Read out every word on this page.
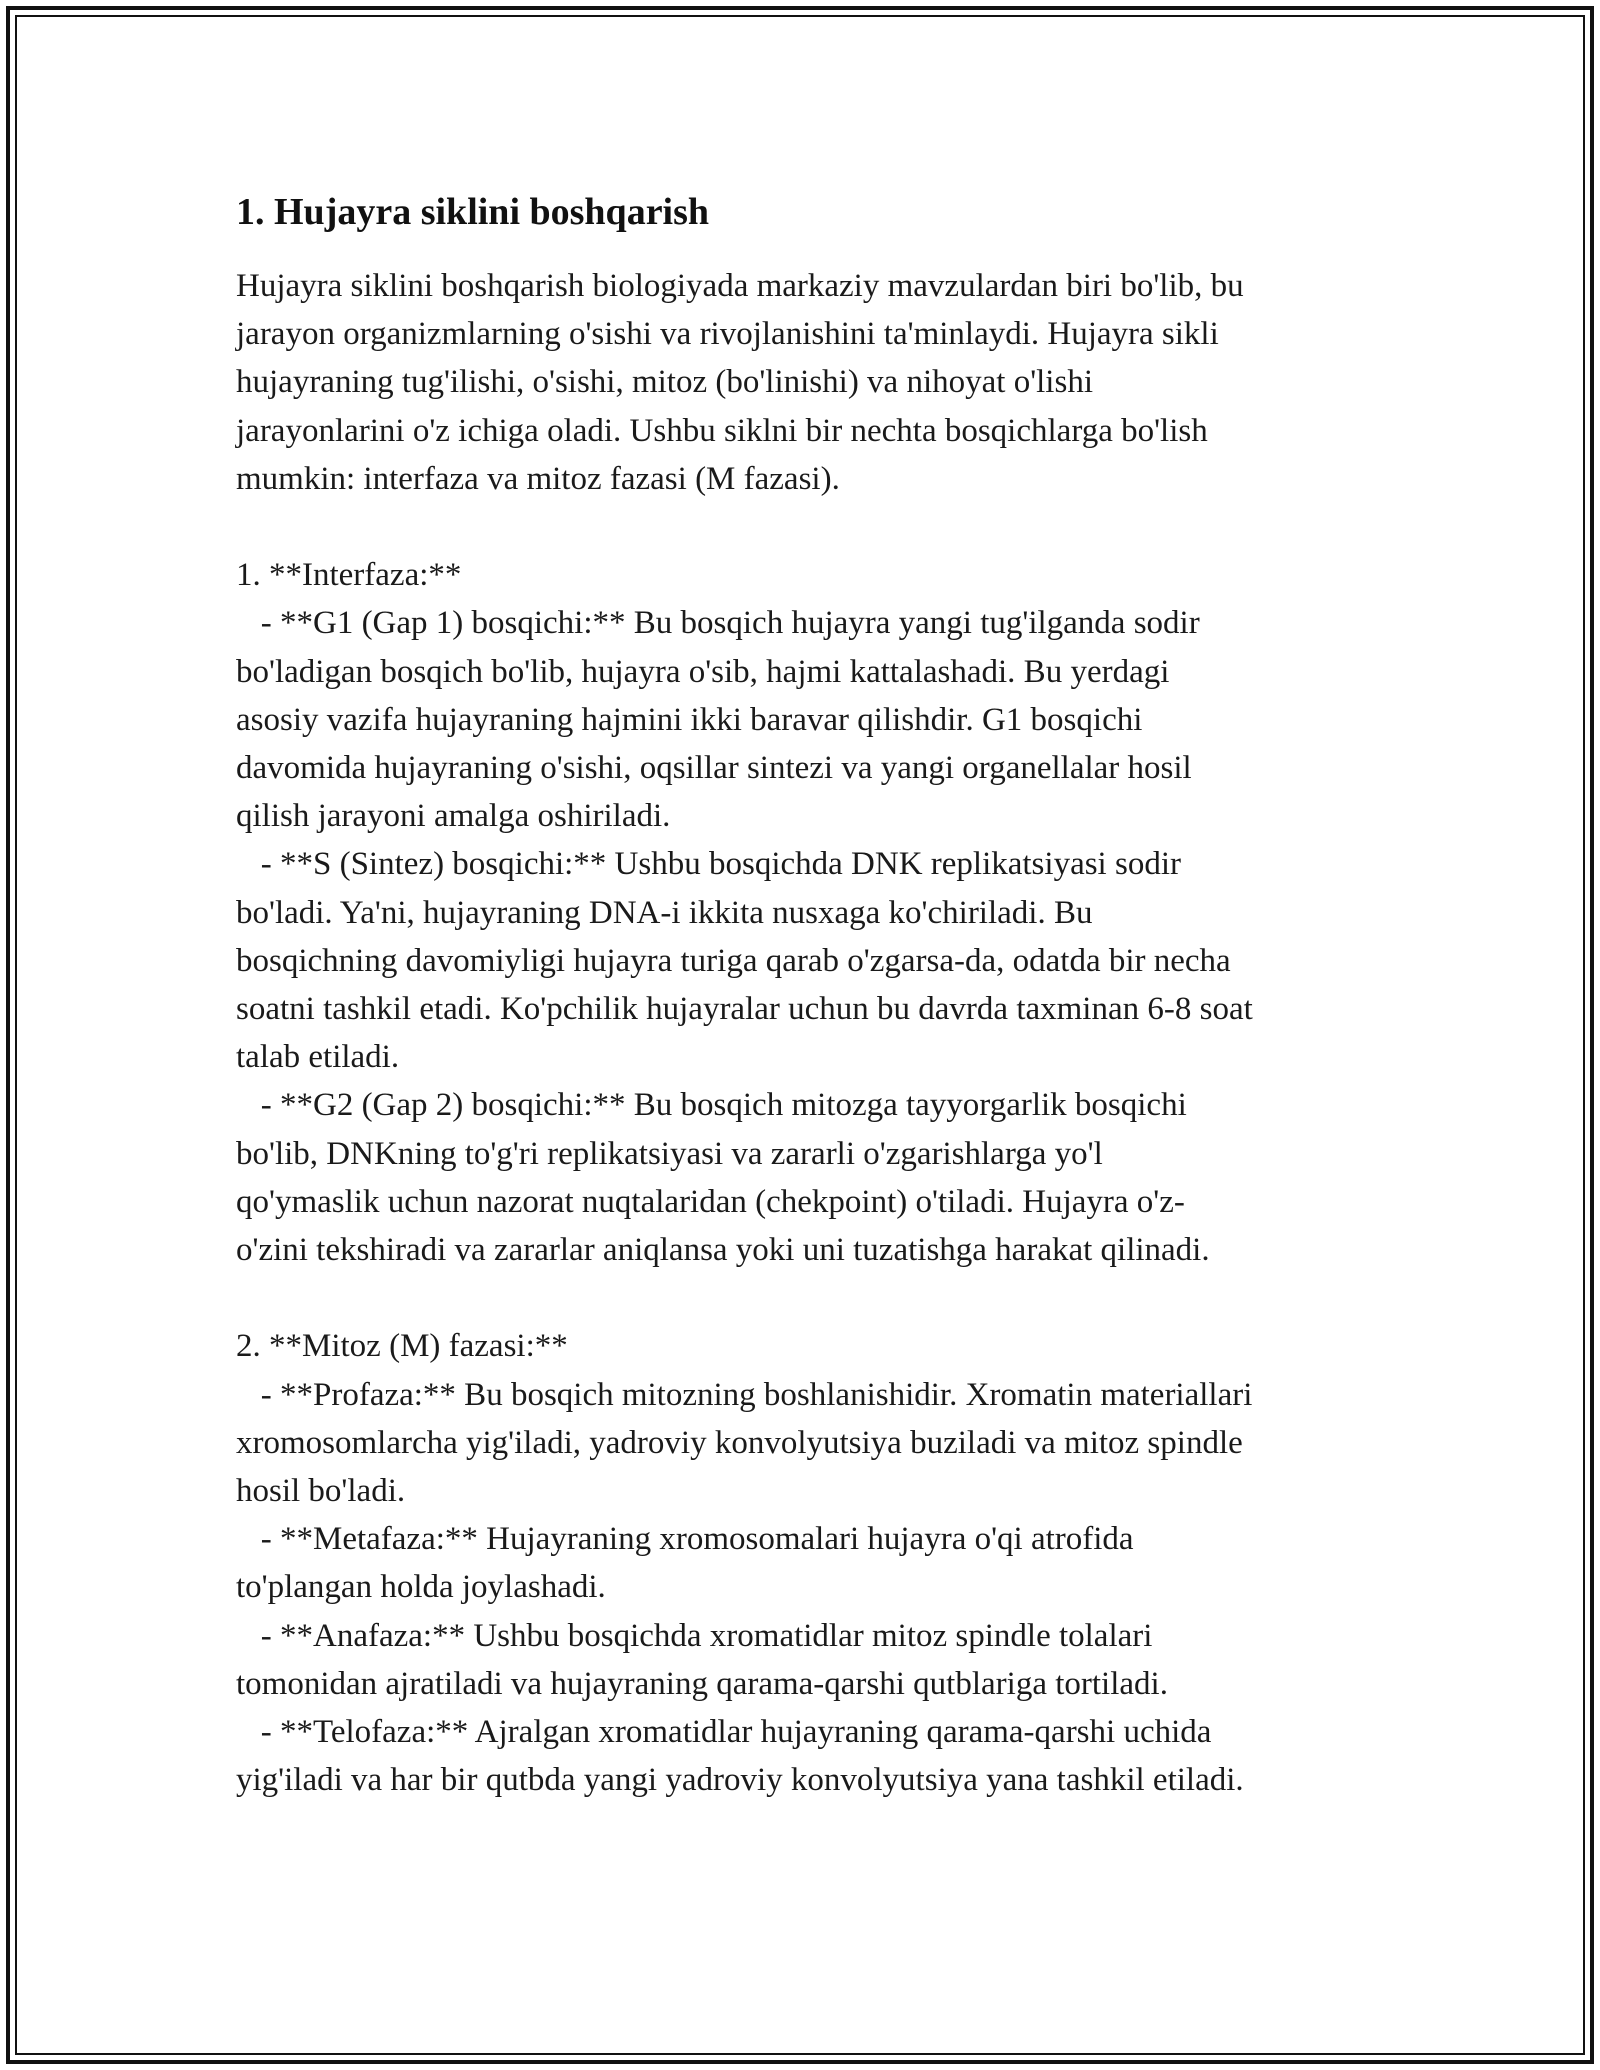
1. Hujayra siklini boshqarish
Hujayra siklini boshqarish biologiyada markaziy mavzulardan biri bo'lib, bu
jarayon organizmlarning o'sishi va rivojlanishini ta'minlaydi. Hujayra sikli
hujayraning tug'ilishi, o'sishi, mitoz (bo'linishi) va nihoyat o'lishi
jarayonlarini o'z ichiga oladi. Ushbu siklni bir nechta bosqichlarga bo'lish
mumkin: interfaza va mitoz fazasi (M fazasi).

1. **Interfaza:**
- **G1 (Gap 1) bosqichi:** Bu bosqich hujayra yangi tug'ilganda sodir
bo'ladigan bosqich bo'lib, hujayra o'sib, hajmi kattalashadi. Bu yerdagi
asosiy vazifa hujayraning hajmini ikki baravar qilishdir. G1 bosqichi
davomida hujayraning o'sishi, oqsillar sintezi va yangi organellalar hosil
qilish jarayoni amalga oshiriladi.
- **S (Sintez) bosqichi:** Ushbu bosqichda DNK replikatsiyasi sodir
bo'ladi. Ya'ni, hujayraning DNA-i ikkita nusxaga ko'chiriladi. Bu
bosqichning davomiyligi hujayra turiga qarab o'zgarsa-da, odatda bir necha
soatni tashkil etadi. Ko'pchilik hujayralar uchun bu davrda taxminan 6-8 soat
talab etiladi.
- **G2 (Gap 2) bosqichi:** Bu bosqich mitozga tayyorgarlik bosqichi
bo'lib, DNKning to'g'ri replikatsiyasi va zararli o'zgarishlarga yo'l
qo'ymaslik uchun nazorat nuqtalaridan (chekpoint) o'tiladi. Hujayra o'z-
o'zini tekshiradi va zararlar aniqlansa yoki uni tuzatishga harakat qilinadi.

2. **Mitoz (M) fazasi:**
- **Profaza:** Bu bosqich mitozning boshlanishidir. Xromatin materiallari
xromosomlarcha yig'iladi, yadroviy konvolyutsiya buziladi va mitoz spindle
hosil bo'ladi.
- **Metafaza:** Hujayraning xromosomalari hujayra o'qi atrofida
to'plangan holda joylashadi.
- **Anafaza:** Ushbu bosqichda xromatidlar mitoz spindle tolalari
tomonidan ajratiladi va hujayraning qarama-qarshi qutblariga tortiladi.
- **Telofaza:** Ajralgan xromatidlar hujayraning qarama-qarshi uchida
yig'iladi va har bir qutbda yangi yadroviy konvolyutsiya yana tashkil etiladi.
